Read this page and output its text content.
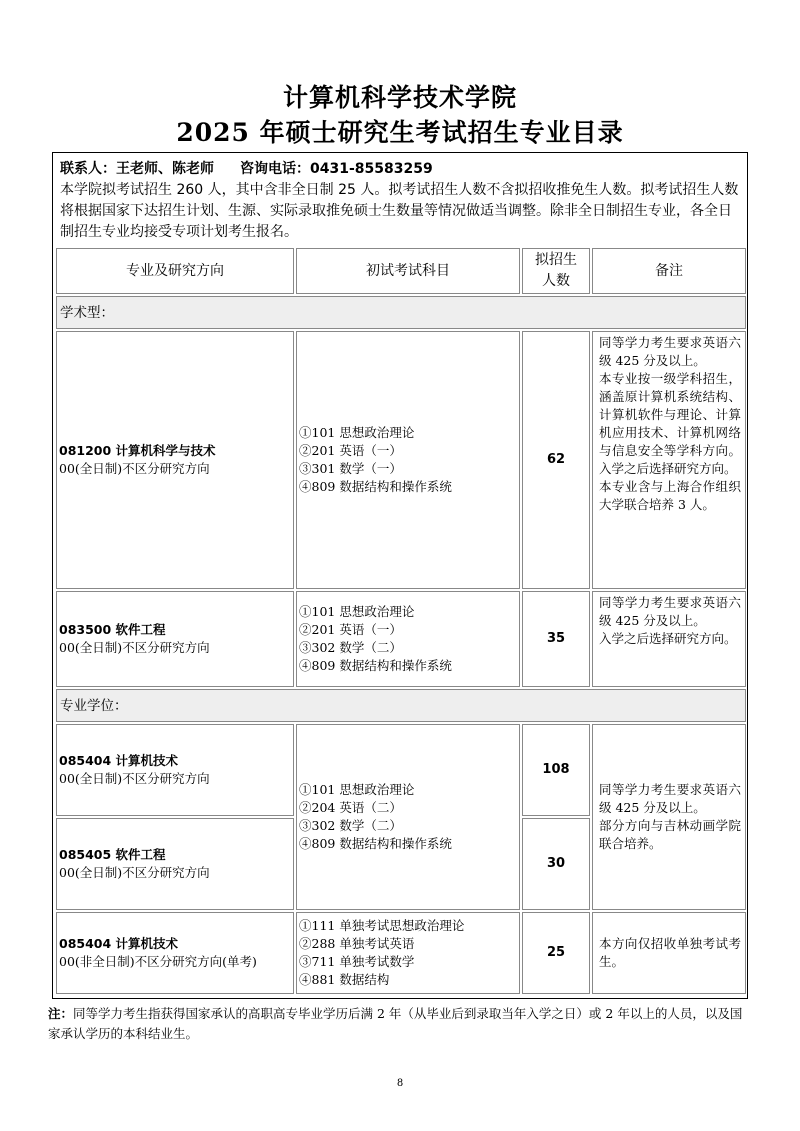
计算机科学技术学院
2025 年硕士研究生考试招生专业目录
联系人：王老师、陈老师 咨询电话：0431-85583259
本学院拟考试招生 260 人，其中含非全日制 25 人。拟考试招生人数不含拟招收推免生人数。拟考试招生人数将根据国家下达招生计划、生源、实际录取推免硕士生数量等情况做适当调整。除非全日制招生专业，各全日制招生专业均接受专项计划考生报名。
专业及研究方向	初试考试科目
拟招生人数
备注
学术型：
081200 计算机科学与技术
00(全日制)不区分研究方向
①101 思想政治理论
②201 英语（一）
③301 数学（一）
④809 数据结构和操作系统
62
同等学力考生要求英语六级 425 分及以上。
本专业按一级学科招生，涵盖原计算机系统结构、计算机软件与理论、计算机应用技术、计算机网络与信息安全等学科方向。入学之后选择研究方向。
本专业含与上海合作组织大学联合培养 3 人。
083500 软件工程
00(全日制)不区分研究方向
①101 思想政治理论
②201 英语（一）
③302 数学（二）
④809 数据结构和操作系统
35
同等学力考生要求英语六级 425 分及以上。
入学之后选择研究方向。
专业学位：
085404 计算机技术
00(全日制)不区分研究方向
085405 软件工程
00(全日制)不区分研究方向
①101 思想政治理论
②204 英语（二）
③302 数学（二）
④809 数据结构和操作系统
108
30
同等学力考生要求英语六级 425 分及以上。
部分方向与吉林动画学院联合培养。
085404 计算机技术
00(非全日制)不区分研究方向(单考)
①111 单独考试思想政治理论
②288 单独考试英语
③711 单独考试数学
④881 数据结构
25
本方向仅招收单独考试考生。
注：同等学力考生指获得国家承认的高职高专毕业学历后满 2 年（从毕业后到录取当年入学之日）或 2 年以上的人员，以及国家承认学历的本科结业生。
8
